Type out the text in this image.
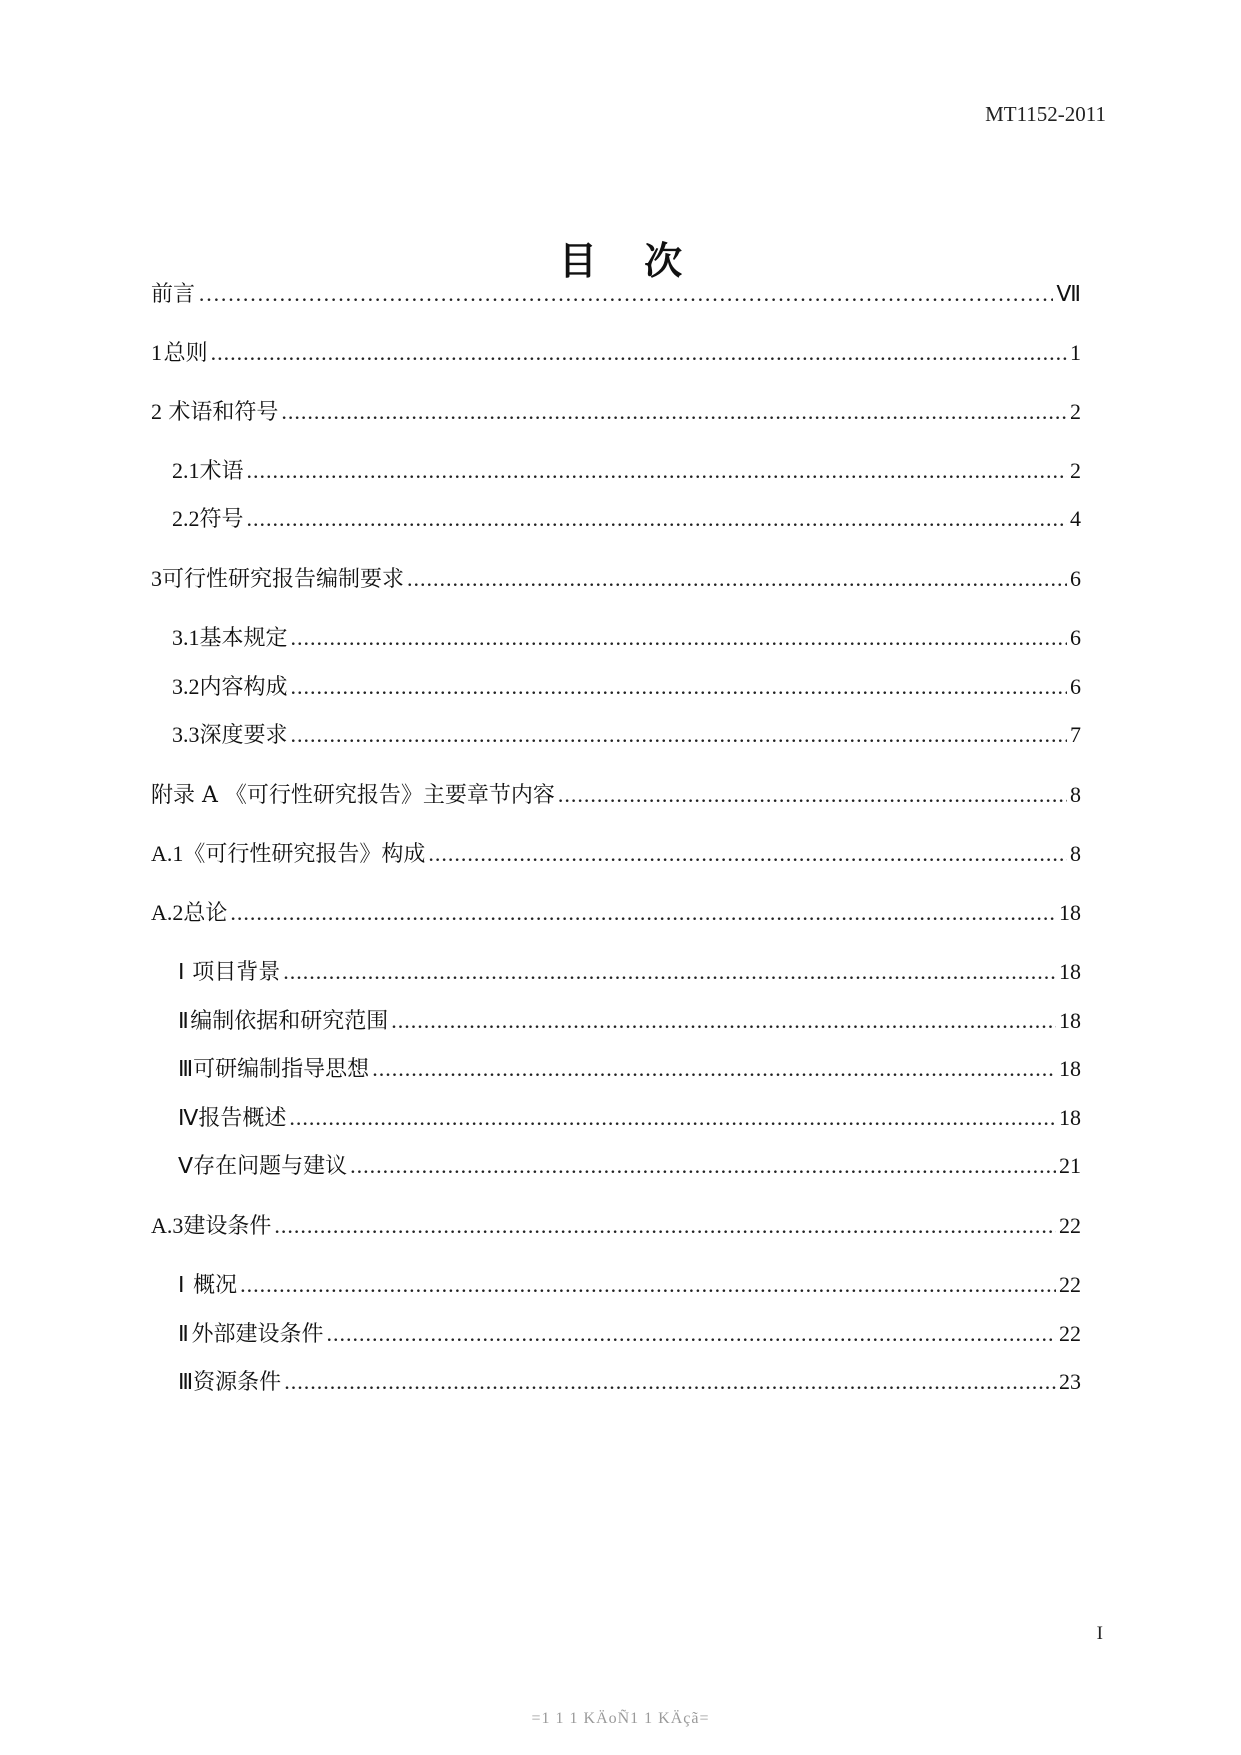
MT1152-2011
目 次
前言 ……………………………………………………………………………………………………………………………………………………	Ⅶ
1 总则 .....	1
2 术语和符号 .....	2
2.1 术语 .....	2
2.2 符号 .....	4
3 可行性研究报告编制要求 .....	6
3.1 基本规定 .....	6
3.2 内容构成 .....	6
3.3 深度要求 .....	7
附录 A 《可行性研究报告》主要章节内容 .....	8
A.1 《可行性研究报告》构成 .....	8
A.2 总论 .....	18
Ⅰ 项目背景 .....	18
Ⅱ 编制依据和研究范围 .....	18
Ⅲ 可研编制指导思想 .....	18
Ⅳ 报告概述 .....	18
Ⅴ 存在问题与建议 .....	21
A.3 建设条件 .....	22
Ⅰ 概况 .....	22
Ⅱ 外部建设条件 .....	22
Ⅲ 资源条件 .....	23
I
=1 1 1 KÄoÑ1 1 KÄçã=
